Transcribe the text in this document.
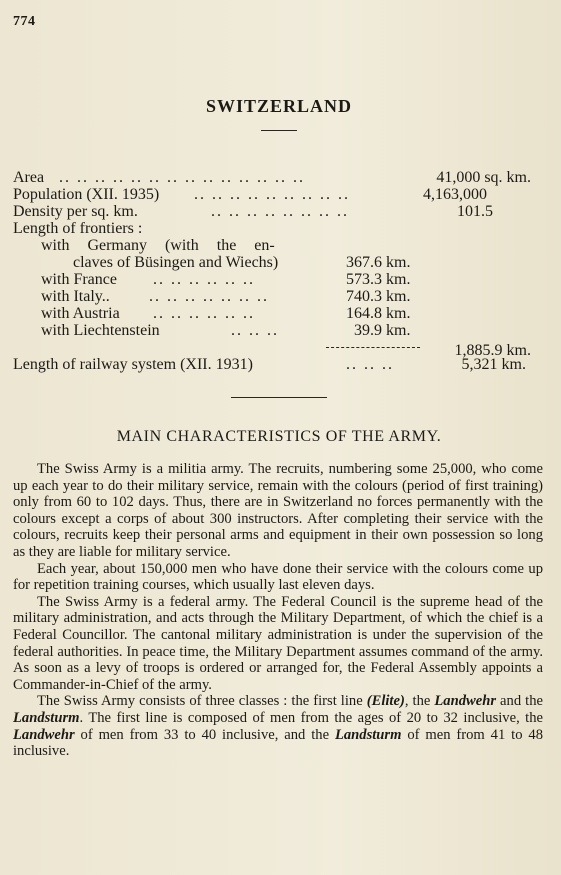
774
SWITZERLAND
Area .. .. .. .. .. .. .. .. .. .. .. .. .. ..	41,000 sq. km.
Population (XII. 1935) .. .. .. .. .. .. .. .. ..	4,163,000
Density per sq. km.	.. .. .. .. .. .. .. ..	101.5
Length of frontiers :
with Germany (with the en-
claves of Büsingen and Wiechs)	367.6 km.
with France .. .. .. .. .. ..	573.3 km.
with Italy.. .. .. .. .. .. .. ..	740.3 km.
with Austria .. .. .. .. .. ..	164.8 km.
with Liechtenstein	.. .. ..	39.9 km.
1,885.9 km.
Length of railway system (XII. 1931)	.. .. ..	5,321 km.
MAIN CHARACTERISTICS OF THE ARMY.

The Swiss Army is a militia army. The recruits, numbering some 25,000, who come up each year to do their military service, remain with the colours (period of first training) only from 60 to 102 days. Thus, there are in Switzerland no forces permanently with the colours except a corps of about 300 instructors. After completing their service with the colours, recruits keep their personal arms and equipment in their own possession so long as they are liable for military service.

Each year, about 150,000 men who have done their service with the colours come up for repetition training courses, which usually last eleven days.

The Swiss Army is a federal army. The Federal Council is the supreme head of the military administration, and acts through the Military Department, of which the chief is a Federal Councillor. The cantonal military administration is under the supervision of the federal authorities. In peace time, the Military Department assumes command of the army. As soon as a levy of troops is ordered or arranged for, the Federal Assembly appoints a Commander-in-Chief of the army.

The Swiss Army consists of three classes : the first line (Elite), the Landwehr and the Landsturm. The first line is composed of men from the ages of 20 to 32 inclusive, the Landwehr of men from 33 to 40 inclusive, and the Landsturm of men from 41 to 48 inclusive.
